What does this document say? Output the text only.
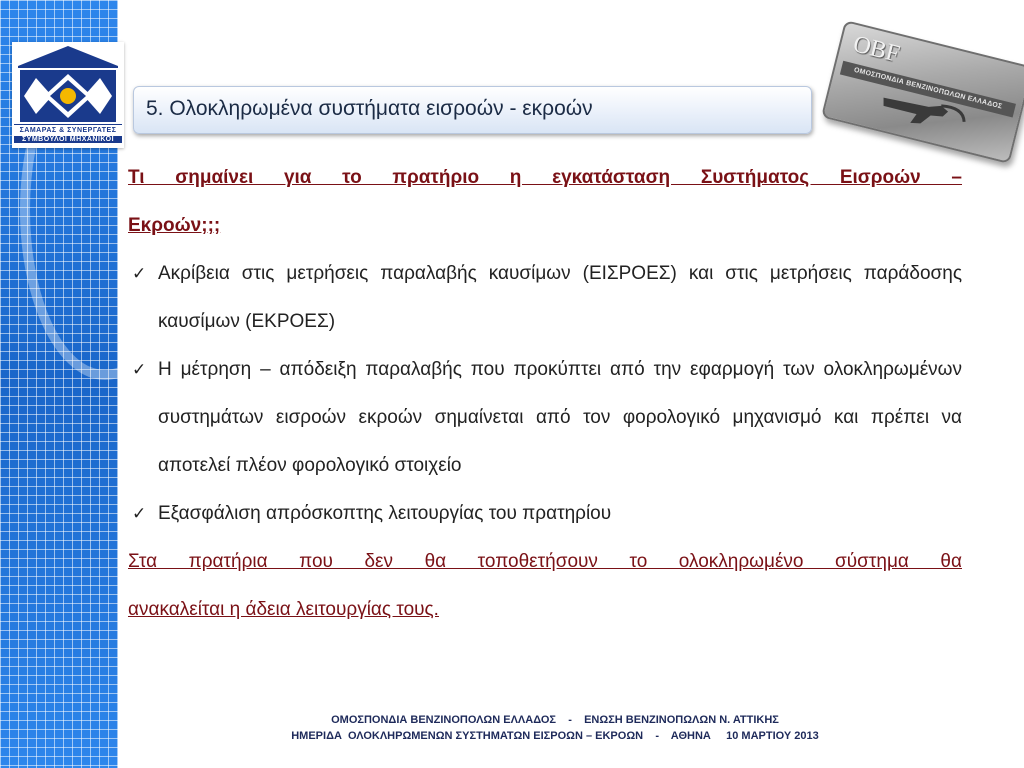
ΣΑΜΑΡΑΣ & ΣΥΝΕΡΓΑΤΕΣ
ΣΥΜΒΟΥΛΟΙ ΜΗΧΑΝΙΚΟΙ
5. Ολοκληρωμένα συστήματα εισροών - εκροών
OBF
ΟΜΟΣΠΟΝΔΙΑ ΒΕΝΖΙΝΟΠΩΛΩΝ ΕΛΛΑΔΟΣ

Τι σημαίνει για το πρατήριο η εγκατάσταση Συστήματος Εισροών –

Εκροών;;;

✓ Ακρίβεια στις μετρήσεις παραλαβής καυσίμων (ΕΙΣΡΟΕΣ) και στις μετρήσεις παράδοσης καυσίμων (ΕΚΡΟΕΣ)
✓ Η μέτρηση – απόδειξη παραλαβής που προκύπτει από την εφαρμογή των ολοκληρωμένων συστημάτων εισροών εκροών σημαίνεται από τον φορολογικό μηχανισμό και πρέπει να αποτελεί πλέον φορολογικό στοιχείο
✓ Εξασφάλιση απρόσκοπτης λειτουργίας του πρατηρίου

Στα πρατήρια που δεν θα τοποθετήσουν το ολοκληρωμένο σύστημα θα

ανακαλείται η άδεια λειτουργίας τους.

ΟΜΟΣΠΟΝΔΙΑ ΒΕΝΖΙΝΟΠΟΛΩΝ ΕΛΛΑΔΟΣ    -    ΕΝΩΣΗ ΒΕΝΖΙΝΟΠΩΛΩΝ Ν. ΑΤΤΙΚΗΣ
ΗΜΕΡΙΔΑ  ΟΛΟΚΛΗΡΩΜΕΝΩΝ ΣΥΣΤΗΜΑΤΩΝ ΕΙΣΡΟΩΝ – ΕΚΡΟΩΝ    -    ΑΘΗΝΑ     10 ΜΑΡΤΙΟΥ 2013
